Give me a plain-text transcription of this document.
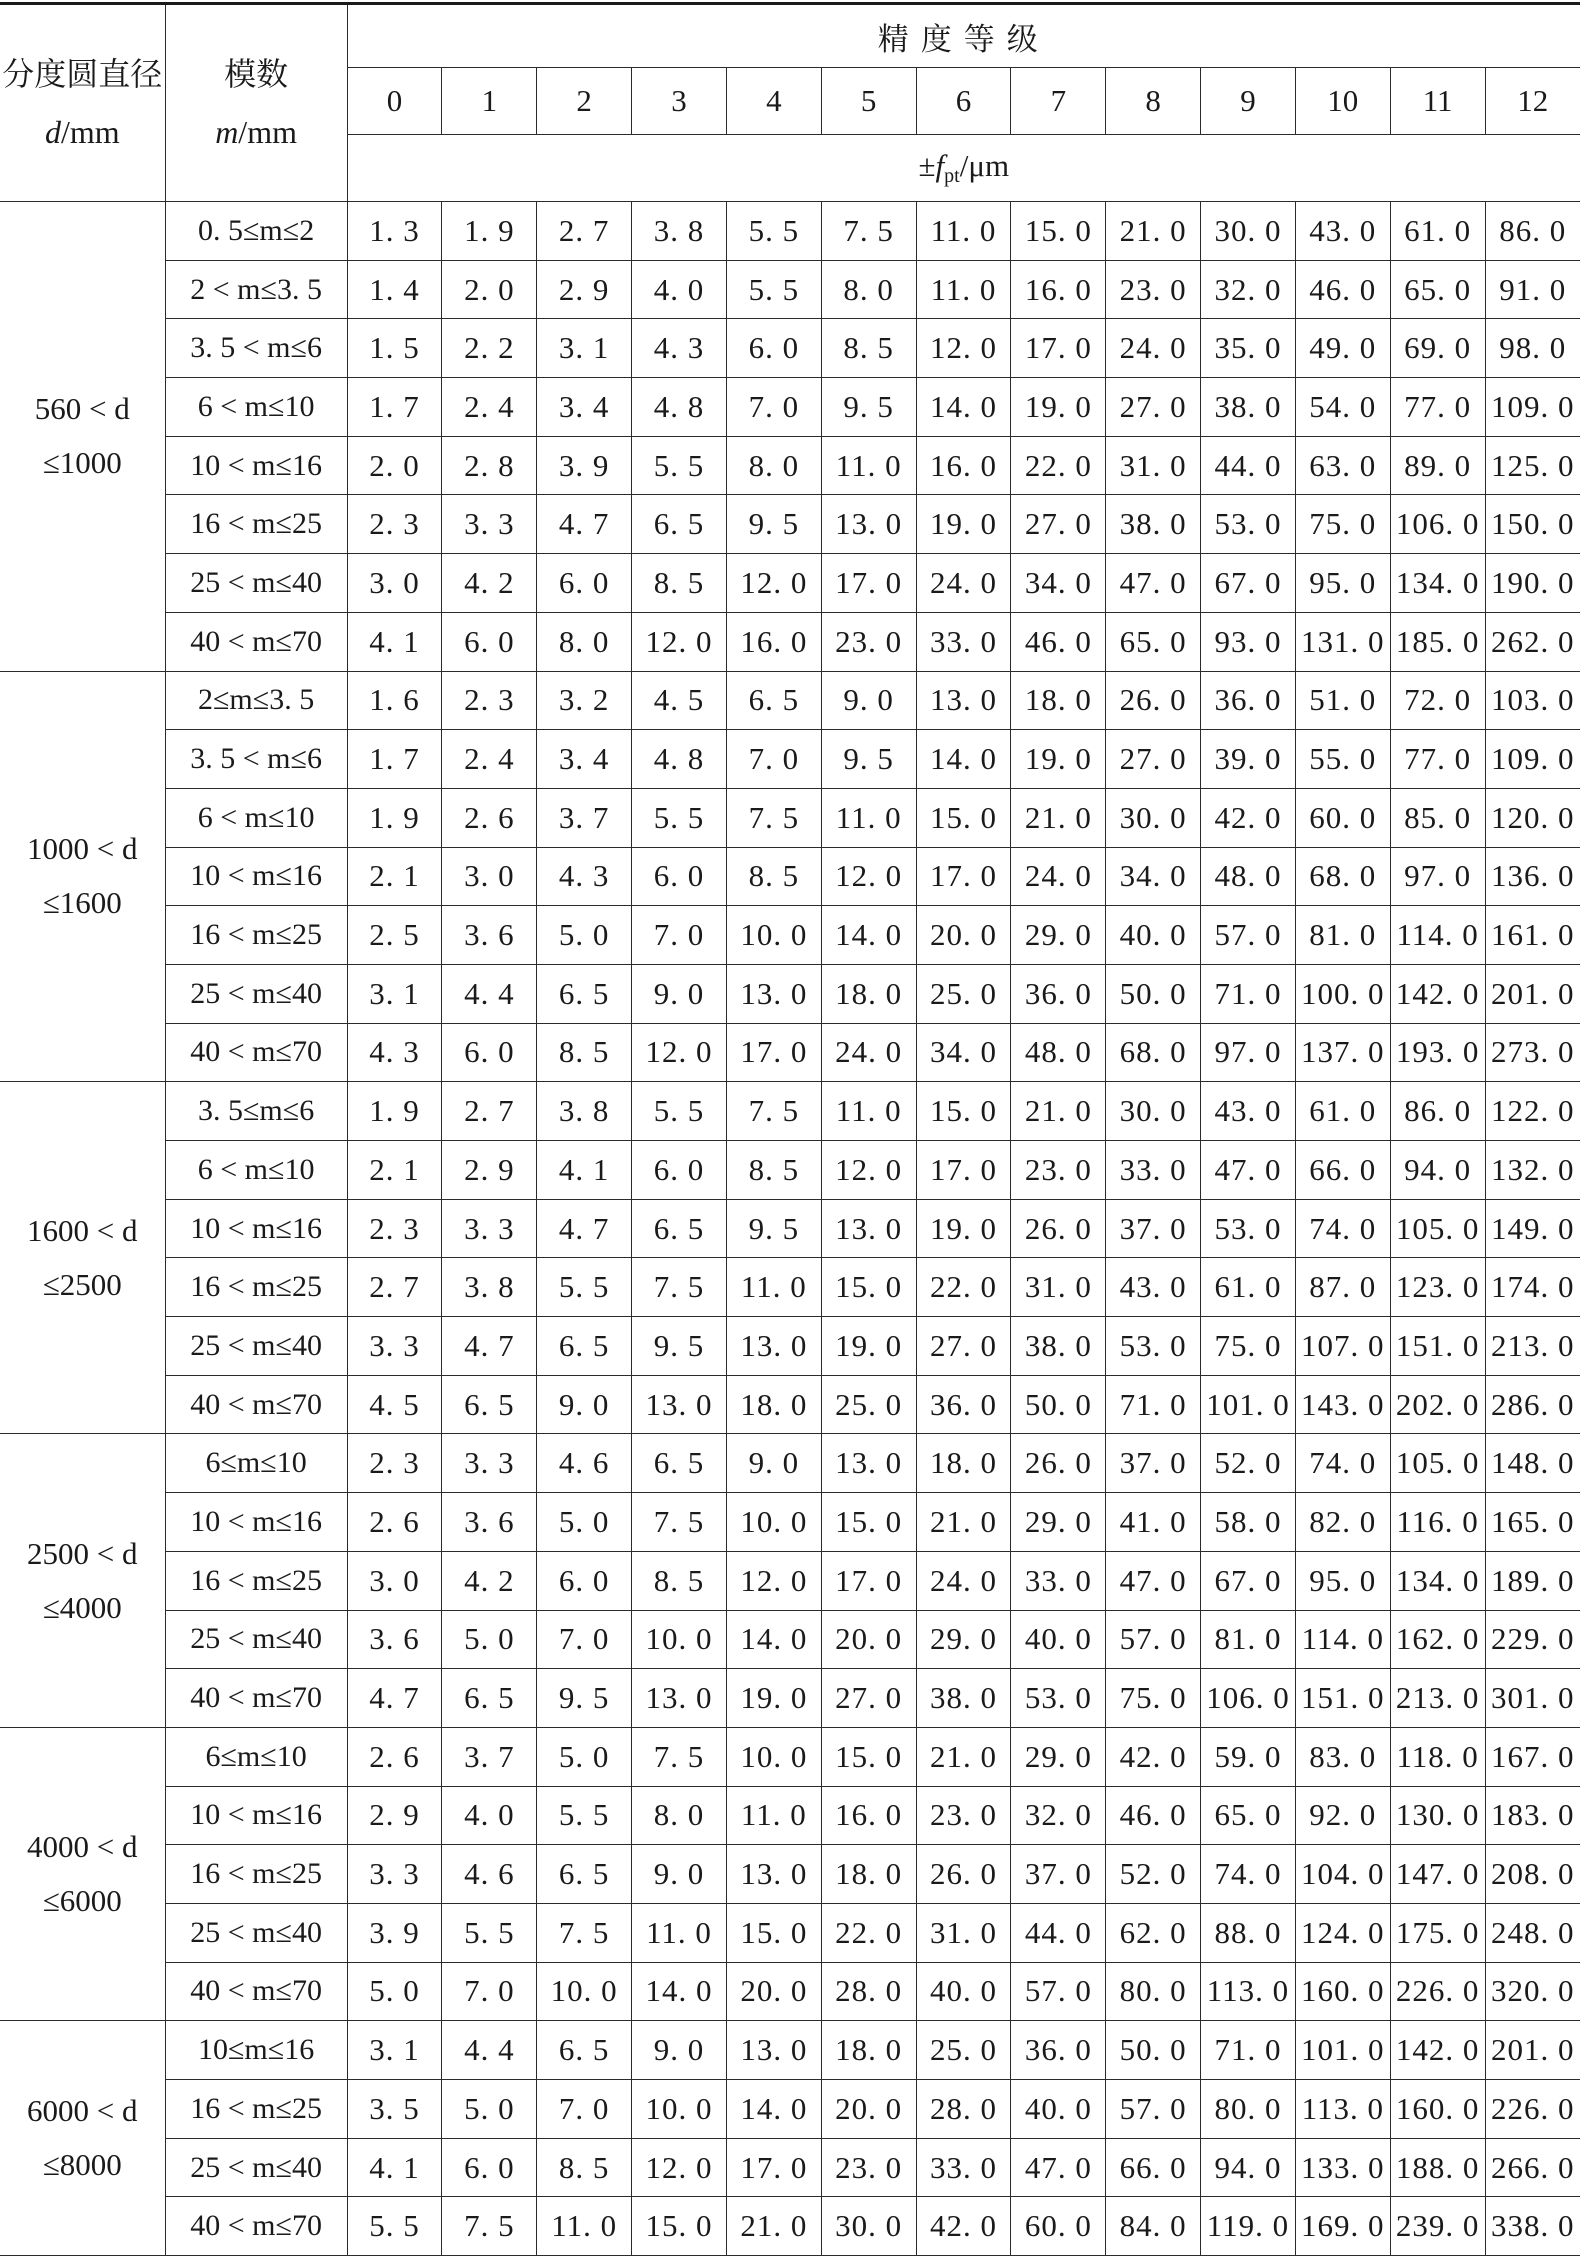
分度圆直径
d/mm	模数
m/mm	精度等级												
		0	1	2	3	4	5	6	7	8	9	10	11	12
		$\pm f_{pt}/\mu m$												
560 < d
≤1000	0. 5≤m≤2	1. 3	1. 9	2. 7	3. 8	5. 5	7. 5	11. 0	15. 0	21. 0	30. 0	43. 0	61. 0	86. 0
	2 < m≤3. 5	1. 4	2. 0	2. 9	4. 0	5. 5	8. 0	11. 0	16. 0	23. 0	32. 0	46. 0	65. 0	91. 0
	3. 5 < m≤6	1. 5	2. 2	3. 1	4. 3	6. 0	8. 5	12. 0	17. 0	24. 0	35. 0	49. 0	69. 0	98. 0
	6 < m≤10	1. 7	2. 4	3. 4	4. 8	7. 0	9. 5	14. 0	19. 0	27. 0	38. 0	54. 0	77. 0	109. 0
	10 < m≤16	2. 0	2. 8	3. 9	5. 5	8. 0	11. 0	16. 0	22. 0	31. 0	44. 0	63. 0	89. 0	125. 0
	16 < m≤25	2. 3	3. 3	4. 7	6. 5	9. 5	13. 0	19. 0	27. 0	38. 0	53. 0	75. 0	106. 0	150. 0
	25 < m≤40	3. 0	4. 2	6. 0	8. 5	12. 0	17. 0	24. 0	34. 0	47. 0	67. 0	95. 0	134. 0	190. 0
	40 < m≤70	4. 1	6. 0	8. 0	12. 0	16. 0	23. 0	33. 0	46. 0	65. 0	93. 0	131. 0	185. 0	262. 0
1000 < d
≤1600	2≤m≤3. 5	1. 6	2. 3	3. 2	4. 5	6. 5	9. 0	13. 0	18. 0	26. 0	36. 0	51. 0	72. 0	103. 0
	3. 5 < m≤6	1. 7	2. 4	3. 4	4. 8	7. 0	9. 5	14. 0	19. 0	27. 0	39. 0	55. 0	77. 0	109. 0
	6 < m≤10	1. 9	2. 6	3. 7	5. 5	7. 5	11. 0	15. 0	21. 0	30. 0	42. 0	60. 0	85. 0	120. 0
	10 < m≤16	2. 1	3. 0	4. 3	6. 0	8. 5	12. 0	17. 0	24. 0	34. 0	48. 0	68. 0	97. 0	136. 0
	16 < m≤25	2. 5	3. 6	5. 0	7. 0	10. 0	14. 0	20. 0	29. 0	40. 0	57. 0	81. 0	114. 0	161. 0
	25 < m≤40	3. 1	4. 4	6. 5	9. 0	13. 0	18. 0	25. 0	36. 0	50. 0	71. 0	100. 0	142. 0	201. 0
	40 < m≤70	4. 3	6. 0	8. 5	12. 0	17. 0	24. 0	34. 0	48. 0	68. 0	97. 0	137. 0	193. 0	273. 0
1600 < d
≤2500	3. 5≤m≤6	1. 9	2. 7	3. 8	5. 5	7. 5	11. 0	15. 0	21. 0	30. 0	43. 0	61. 0	86. 0	122. 0
	6 < m≤10	2. 1	2. 9	4. 1	6. 0	8. 5	12. 0	17. 0	23. 0	33. 0	47. 0	66. 0	94. 0	132. 0
	10 < m≤16	2. 3	3. 3	4. 7	6. 5	9. 5	13. 0	19. 0	26. 0	37. 0	53. 0	74. 0	105. 0	149. 0
	16 < m≤25	2. 7	3. 8	5. 5	7. 5	11. 0	15. 0	22. 0	31. 0	43. 0	61. 0	87. 0	123. 0	174. 0
	25 < m≤40	3. 3	4. 7	6. 5	9. 5	13. 0	19. 0	27. 0	38. 0	53. 0	75. 0	107. 0	151. 0	213. 0
	40 < m≤70	4. 5	6. 5	9. 0	13. 0	18. 0	25. 0	36. 0	50. 0	71. 0	101. 0	143. 0	202. 0	286. 0
2500 < d
≤4000	6≤m≤10	2. 3	3. 3	4. 6	6. 5	9. 0	13. 0	18. 0	26. 0	37. 0	52. 0	74. 0	105. 0	148. 0
	10 < m≤16	2. 6	3. 6	5. 0	7. 5	10. 0	15. 0	21. 0	29. 0	41. 0	58. 0	82. 0	116. 0	165. 0
	16 < m≤25	3. 0	4. 2	6. 0	8. 5	12. 0	17. 0	24. 0	33. 0	47. 0	67. 0	95. 0	134. 0	189. 0
	25 < m≤40	3. 6	5. 0	7. 0	10. 0	14. 0	20. 0	29. 0	40. 0	57. 0	81. 0	114. 0	162. 0	229. 0
	40 < m≤70	4. 7	6. 5	9. 5	13. 0	19. 0	27. 0	38. 0	53. 0	75. 0	106. 0	151. 0	213. 0	301. 0
4000 < d
≤6000	6≤m≤10	2. 6	3. 7	5. 0	7. 5	10. 0	15. 0	21. 0	29. 0	42. 0	59. 0	83. 0	118. 0	167. 0
	10 < m≤16	2. 9	4. 0	5. 5	8. 0	11. 0	16. 0	23. 0	32. 0	46. 0	65. 0	92. 0	130. 0	183. 0
	16 < m≤25	3. 3	4. 6	6. 5	9. 0	13. 0	18. 0	26. 0	37. 0	52. 0	74. 0	104. 0	147. 0	208. 0
	25 < m≤40	3. 9	5. 5	7. 5	11. 0	15. 0	22. 0	31. 0	44. 0	62. 0	88. 0	124. 0	175. 0	248. 0
	40 < m≤70	5. 0	7. 0	10. 0	14. 0	20. 0	28. 0	40. 0	57. 0	80. 0	113. 0	160. 0	226. 0	320. 0
6000 < d
≤8000	10≤m≤16	3. 1	4. 4	6. 5	9. 0	13. 0	18. 0	25. 0	36. 0	50. 0	71. 0	101. 0	142. 0	201. 0
	16 < m≤25	3. 5	5. 0	7. 0	10. 0	14. 0	20. 0	28. 0	40. 0	57. 0	80. 0	113. 0	160. 0	226. 0
	25 < m≤40	4. 1	6. 0	8. 5	12. 0	17. 0	23. 0	33. 0	47. 0	66. 0	94. 0	133. 0	188. 0	266. 0
	40 < m≤70	5. 5	7. 5	11. 0	15. 0	21. 0	30. 0	42. 0	60. 0	84. 0	119. 0	169. 0	239. 0	338. 0
